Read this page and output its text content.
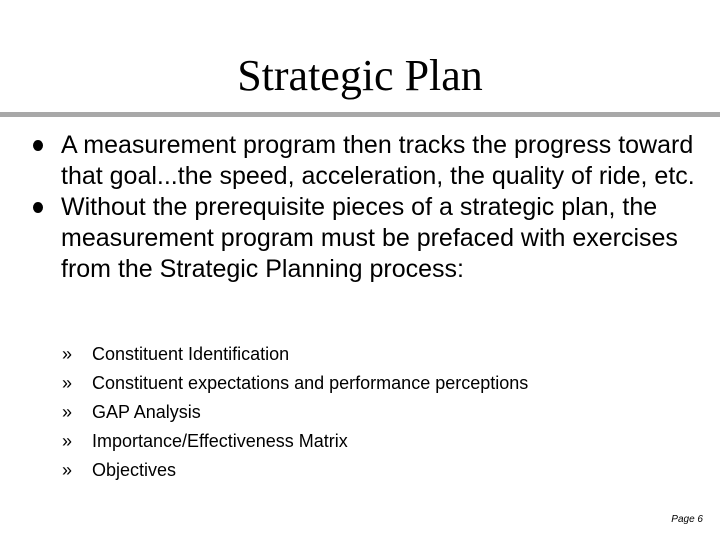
Strategic Plan
A measurement program then tracks the progress toward that goal...the speed, acceleration, the quality of ride, etc.
Without the prerequisite pieces of a strategic plan, the measurement program must be prefaced with exercises from the Strategic Planning process:
» Constituent Identification
» Constituent expectations and performance perceptions
» GAP Analysis
» Importance/Effectiveness Matrix
» Objectives
Page 6
